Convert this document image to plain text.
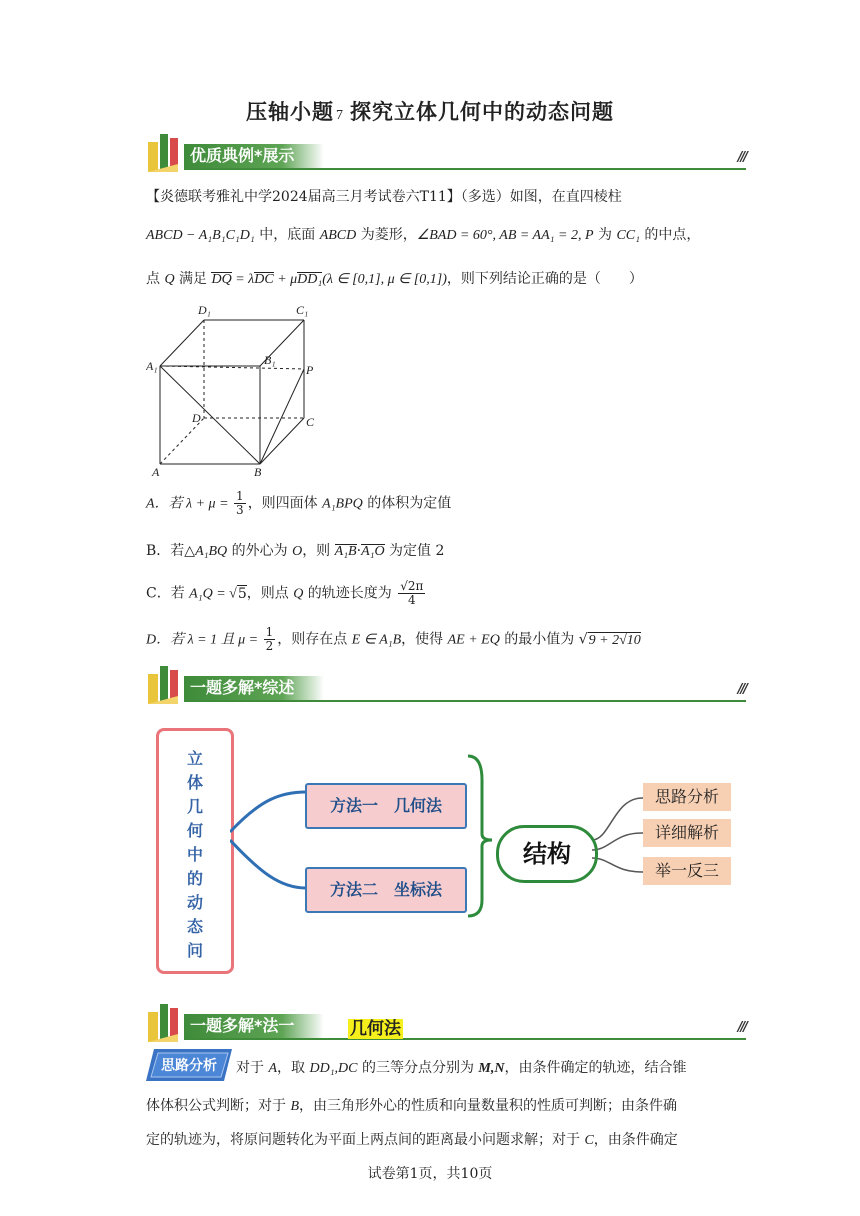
压轴小题 7 探究立体几何中的动态问题
优质典例*展示	///
【炎德联考雅礼中学2024届高三月考试卷六T11】（多选）如图，在直四棱柱
ABCD − A₁B₁C₁D₁ 中，底面 ABCD 为菱形，∠BAD = 60°, AB = AA₁ = 2, P 为 CC₁ 的中点，
点 Q 满足 DQ = λDC + μDD₁(λ ∈ [0,1], μ ∈ [0,1])，则下列结论正确的是（　　）
D₁	C₁
A₁	B₁
P
D	C
A	B
A．若 $\lambda + \mu = \frac{1}{3}$ ，则四面体 A₁BPQ 的体积为定值
B．若△A₁BQ 的外心为 O，则 A₁B·A₁O 为定值 2
C．若 A₁Q = √5，则点 Q 的轨迹长度为 $\frac{√2\pi}{4}$
D．若 λ = 1 且 $\mu = \frac{1}{2}$ ，则存在点 E ∈ A₁B，使得 AE + EQ 的最小值为 √9 + 2√10
一题多解*综述	///
立
体
几
何
中
的
动
态
问
方法一　几何法
方法二　坐标法
结构
思路分析
详细解析
举一反三
一题多解*法一	///
几何法
思路分析	对于 A，取 DD₁,DC 的三等分点分别为 M,N，由条件确定的轨迹，结合锥
体体积公式判断；对于 B，由三角形外心的性质和向量数量积的性质可判断；由条件确
定的轨迹为，将原问题转化为平面上两点间的距离最小问题求解；对于 C，由条件确定
试卷第1页，共10页
